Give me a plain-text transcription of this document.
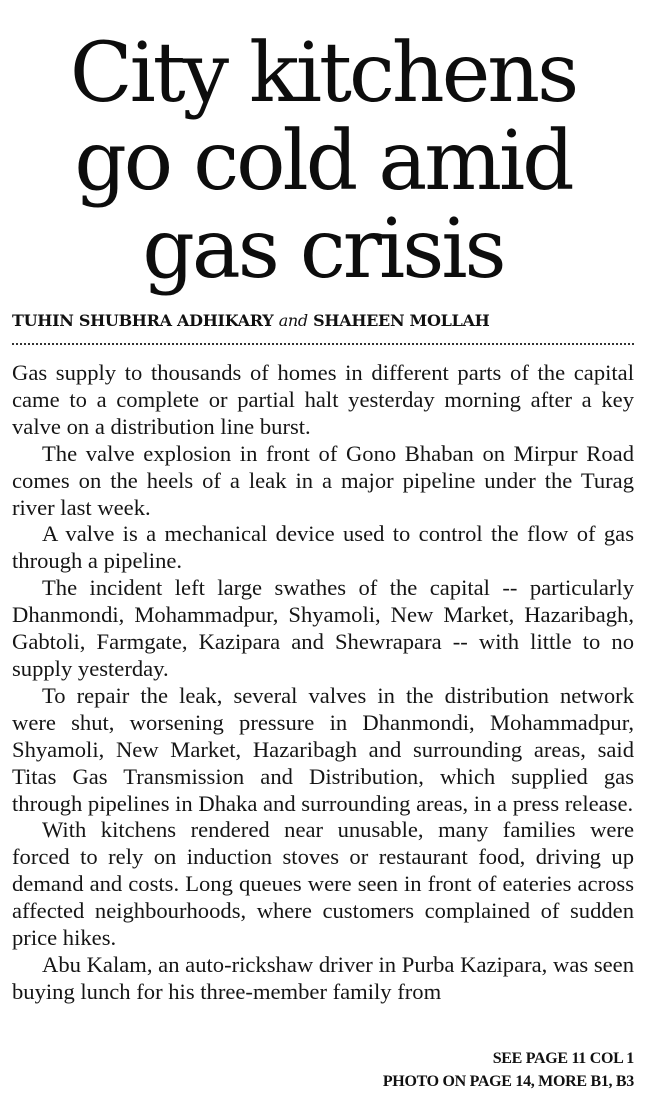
City kitchens
go cold amid
gas crisis
TUHIN SHUBHRA ADHIKARY and SHAHEEN MOLLAH

Gas supply to thousands of homes in different parts of the capital came to a complete or partial halt yesterday morning after a key valve on a distribution line burst.

The valve explosion in front of Gono Bhaban on Mirpur Road comes on the heels of a leak in a major pipeline under the Turag river last week.

A valve is a mechanical device used to control the flow of gas through a pipeline.

The incident left large swathes of the capital -- particularly Dhanmondi, Mohammadpur, Shyamoli, New Market, Hazaribagh, Gabtoli, Farmgate, Kazipara and Shewrapara -- with little to no supply yesterday.

To repair the leak, several valves in the distribution network were shut, worsening pressure in Dhanmondi, Mohammadpur, Shyamoli, New Market, Hazaribagh and surrounding areas, said Titas Gas Transmission and Distribution, which supplied gas through pipelines in Dhaka and surrounding areas, in a press release.

With kitchens rendered near unusable, many families were forced to rely on induction stoves or restaurant food, driving up demand and costs. Long queues were seen in front of eateries across affected neighbourhoods, where customers complained of sudden price hikes.

Abu Kalam, an auto-rickshaw driver in Purba Kazipara, was seen buying lunch for his three-member family from

SEE PAGE 11 COL 1
PHOTO ON PAGE 14, MORE B1, B3
